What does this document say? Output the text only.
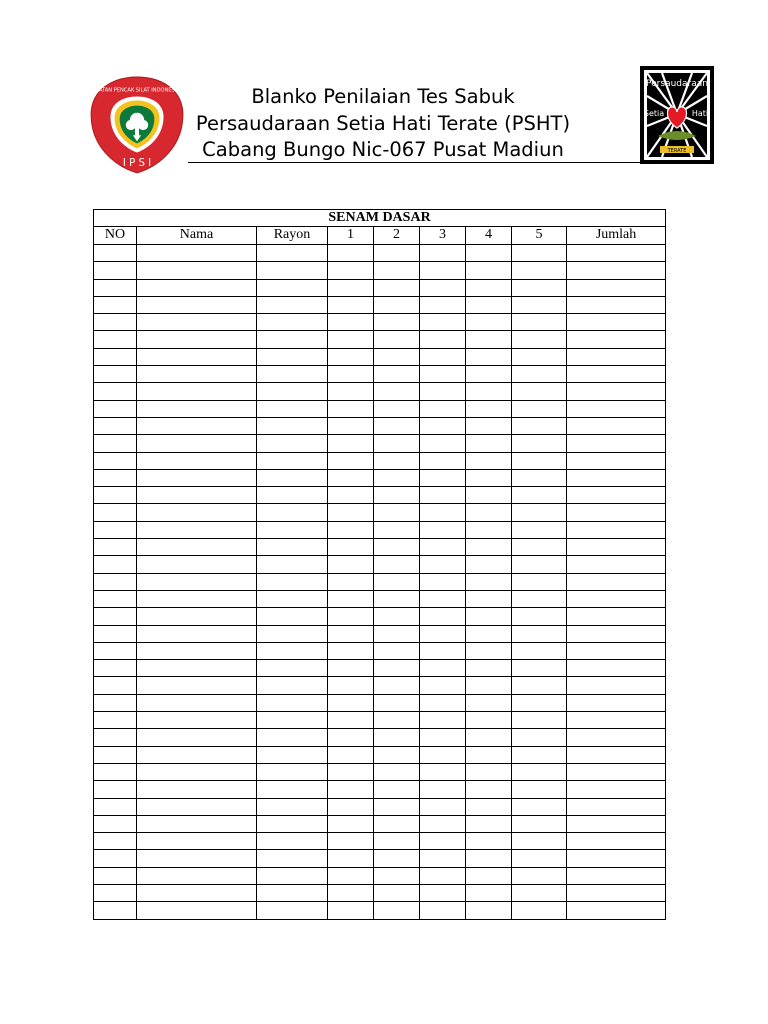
I P S I
IKATAN PENCAK SILAT INDONESIA	Blanko Penilaian Tes Sabuk
Persaudaraan Setia Hati Terate (PSHT)
Cabang Bungo Nic-067 Pusat Madiun	TERATE
Persaudaraan
Setia	Hati
SENAM DASAR								
NO	Nama	Rayon	1	2	3	4	5	Jumlah
